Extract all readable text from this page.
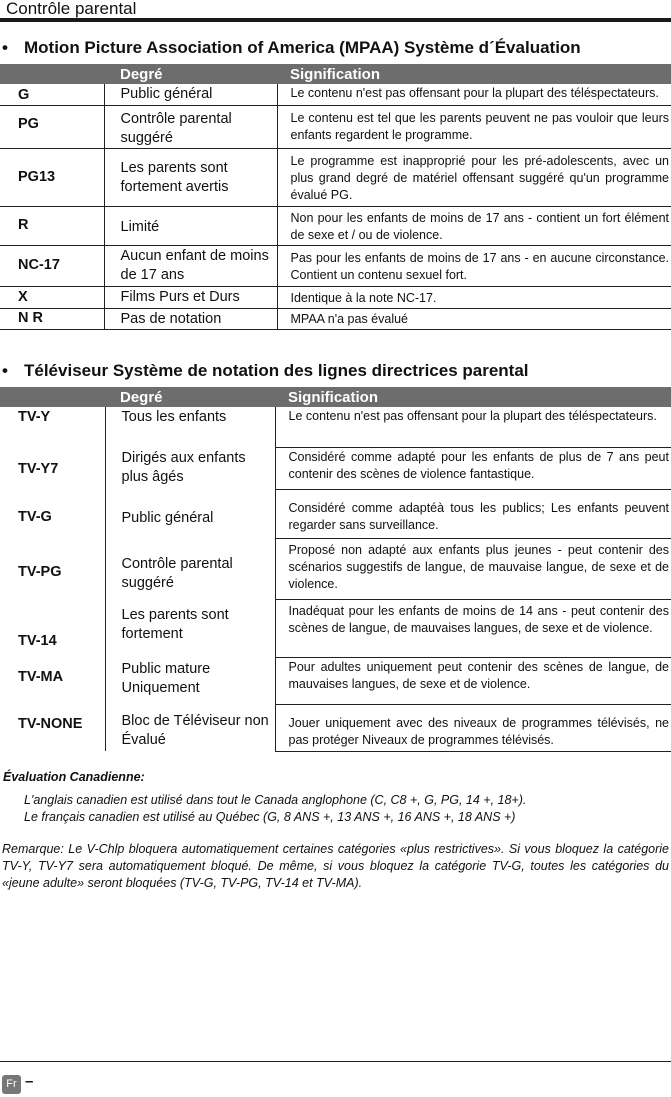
Contrôle parental
• Motion Picture Association of America (MPAA) Système d´Évaluation
Degré		Signification
G	Public général	Le contenu n'est pas offensant pour la plupart des téléspectateurs.
PG	Contrôle parental suggéré	Le contenu est tel que les parents peuvent ne pas vouloir que leurs enfants regardent le programme.
PG13	Les parents sont fortement avertis	Le programme est inapproprié pour les pré-adolescents, avec un plus grand degré de matériel offensant suggéré qu'un programme évalué PG.
R	Limité	Non pour les enfants de moins de 17 ans - contient un fort élément de sexe et / ou de violence.
NC-17	Aucun enfant de moins de 17 ans	Pas pour les enfants de moins de 17 ans - en aucune circonstance. Contient un contenu sexuel fort.
X	Films Purs et Durs	Identique à la note NC-17.
N R	Pas de notation	MPAA n'a pas évalué
• Téléviseur Système de notation des lignes directrices parental
Degré		Signification
TV-Y	Tous les enfants	Le contenu n'est pas offensant pour la plupart des téléspectateurs.
TV-Y7	Dirigés aux enfants plus âgés	Considéré comme adapté pour les enfants de plus de 7 ans peut contenir des scènes de violence fantastique.
TV-G	Public général	Considéré comme adaptéà tous les publics; Les enfants peuvent regarder sans surveillance.
TV-PG	Contrôle parental suggéré	Proposé non adapté aux enfants plus jeunes - peut contenir des scénarios suggestifs de langue, de mauvaise langue, de sexe et de violence.
TV-14	Les parents sont fortement	Inadéquat pour les enfants de moins de 14 ans - peut contenir des scènes de langue, de mauvaises langues, de sexe et de violence.
TV-MA	Public mature Uniquement	Pour adultes uniquement peut contenir des scènes de langue, de mauvaises langues, de sexe et de violence.
TV-NONE	Bloc de Téléviseur non Évalué	Jouer uniquement avec des niveaux de programmes télévisés, ne pas protéger Niveaux de programmes télévisés.
Évaluation Canadienne:
L'anglais canadien est utilisé dans tout le Canada anglophone (C, C8 +, G, PG, 14 +, 18+).
Le français canadien est utilisé au Québec (G, 8 ANS +, 13 ANS +, 16 ANS +, 18 ANS +)
Remarque: Le V-Chlp bloquera automatiquement certaines catégories «plus restrictives». Si vous bloquez la catégorie TV-Y, TV-Y7 sera automatiquement bloqué. De même, si vous bloquez la catégorie TV-G, toutes les catégories du «jeune adulte» seront bloquées (TV-G, TV-PG, TV-14 et TV-MA).
Fr –
